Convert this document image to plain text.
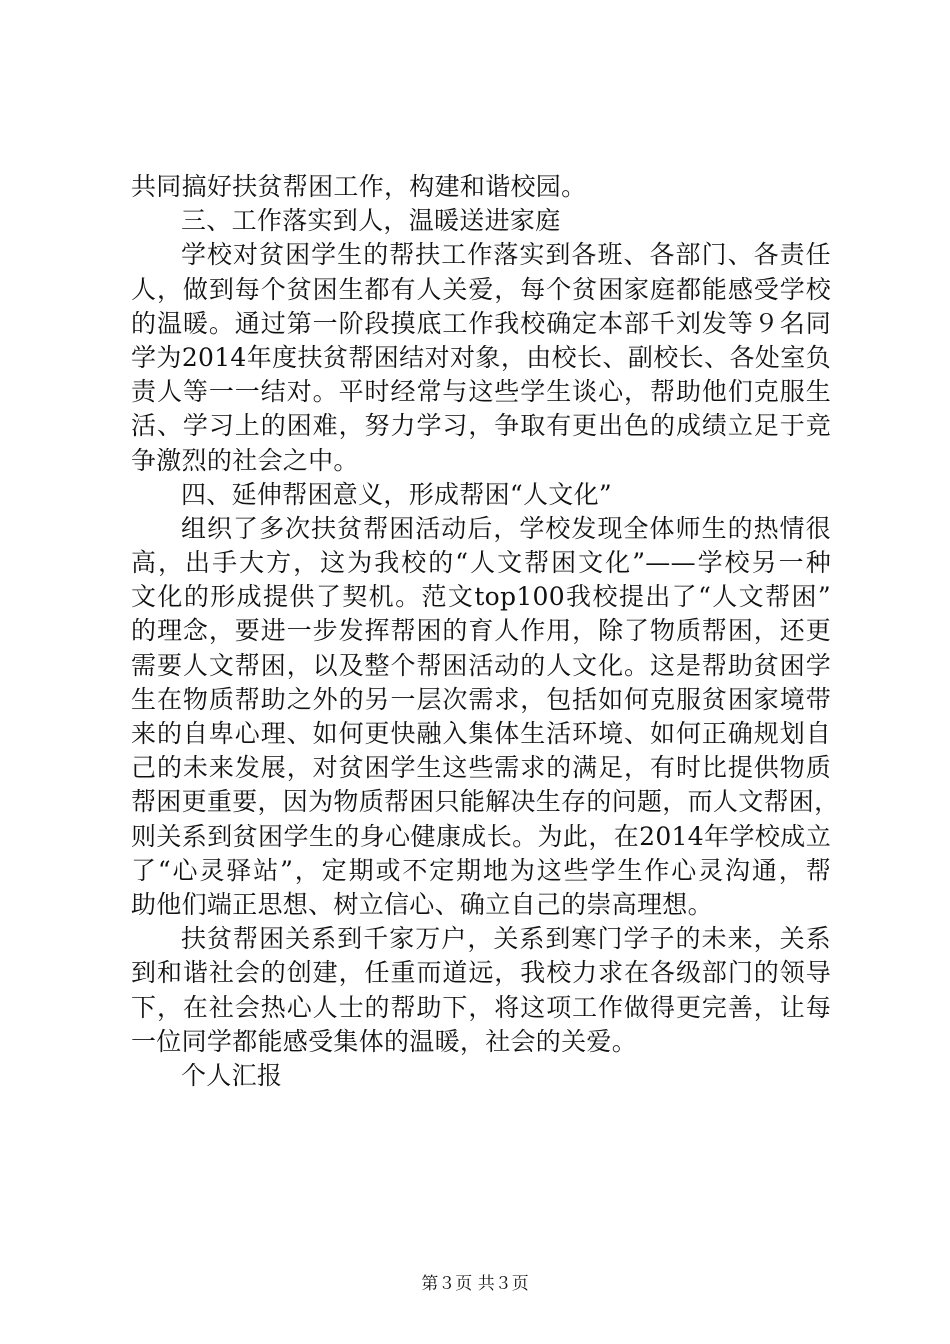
共同搞好扶贫帮困工作，构建和谐校园。
三、工作落实到人，温暖送进家庭
学校对贫困学生的帮扶工作落实到各班、各部门、各责任
人，做到每个贫困生都有人关爱，每个贫困家庭都能感受学校
的温暖。通过第一阶段摸底工作我校确定本部千刘发等９名同
学为2014年度扶贫帮困结对对象，由校长、副校长、各处室负
责人等一一结对。平时经常与这些学生谈心，帮助他们克服生
活、学习上的困难，努力学习，争取有更出色的成绩立足于竞
争激烈的社会之中。
四、延伸帮困意义，形成帮困“人文化”
组织了多次扶贫帮困活动后，学校发现全体师生的热情很
高，出手大方，这为我校的“人文帮困文化”——学校另一种
文化的形成提供了契机。范文top100我校提出了“人文帮困”
的理念，要进一步发挥帮困的育人作用，除了物质帮困，还更
需要人文帮困，以及整个帮困活动的人文化。这是帮助贫困学
生在物质帮助之外的另一层次需求，包括如何克服贫困家境带
来的自卑心理、如何更快融入集体生活环境、如何正确规划自
己的未来发展，对贫困学生这些需求的满足，有时比提供物质
帮困更重要，因为物质帮困只能解决生存的问题，而人文帮困，
则关系到贫困学生的身心健康成长。为此，在2014年学校成立
了“心灵驿站”，定期或不定期地为这些学生作心灵沟通，帮
助他们端正思想、树立信心、确立自己的崇高理想。
扶贫帮困关系到千家万户，关系到寒门学子的未来，关系
到和谐社会的创建，任重而道远，我校力求在各级部门的领导
下，在社会热心人士的帮助下，将这项工作做得更完善，让每
一位同学都能感受集体的温暖，社会的关爱。
个人汇报
第３页 共３页
